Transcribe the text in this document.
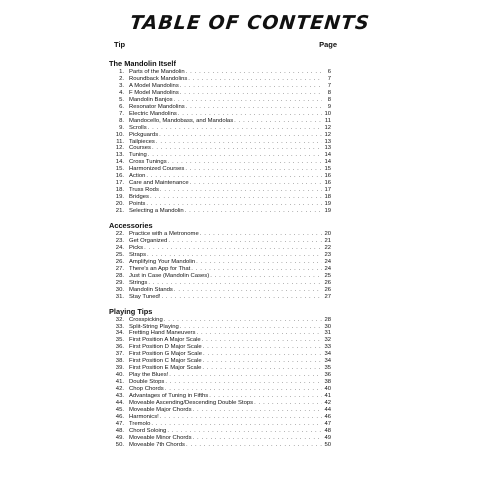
TABLE OF CONTENTS
Tip	Page
The Mandolin Itself
1. Parts of the Mandolin . . .	6
2. Roundback Mandolins . . .	7
3. A Model Mandolins . . .	7
4. F Model Mandolins . . .	8
5. Mandolin Banjos . . .	8
6. Resonator Mandolins . . .	9
7. Electric Mandolins . . .	10
8. Mandocello, Mandobass, and Mandolas . . .	11
9. Scrolls . . .	12
10. Pickguards . . .	12
11. Tailpieces . . .	13
12. Courses . . .	13
13. Tuning . . .	14
14. Cross Tunings . . .	14
15. Harmonized Courses . . .	15
16. Action . . .	16
17. Care and Maintenance . . .	16
18. Truss Rods . . .	17
19. Bridges . . .	18
20. Points . . .	19
21. Selecting a Mandolin . . .	19
Accessories
22. Practice with a Metronome . . .	20
23. Get Organized . . .	21
24. Picks . . .	22
25. Straps . . .	23
26. Amplifying Your Mandolin . . .	24
27. There's an App for That . . .	24
28. Just in Case (Mandolin Cases) . . .	25
29. Strings . . .	26
30. Mandolin Stands . . .	26
31. Stay Tuned! . . .	27
Playing Tips
32. Crosspicking . . .	28
33. Split-String Playing . . .	30
34. Fretting Hand Maneuvers . . .	31
35. First Position A Major Scale . . .	32
36. First Position D Major Scale . . .	33
37. First Position G Major Scale . . .	34
38. First Position C Major Scale . . .	34
39. First Position E Major Scale . . .	35
40. Play the Blues! . . .	36
41. Double Stops . . .	38
42. Chop Chords . . .	40
43. Advantages of Tuning in Fifths . . .	41
44. Moveable Ascending/Descending Double Stops . . .	42
45. Moveable Major Chords . . .	44
46. Harmonics! . . .	46
47. Tremolo . . .	47
48. Chord Soloing . . .	48
49. Moveable Minor Chords . . .	49
50. Moveable 7th Chords . . .	50
